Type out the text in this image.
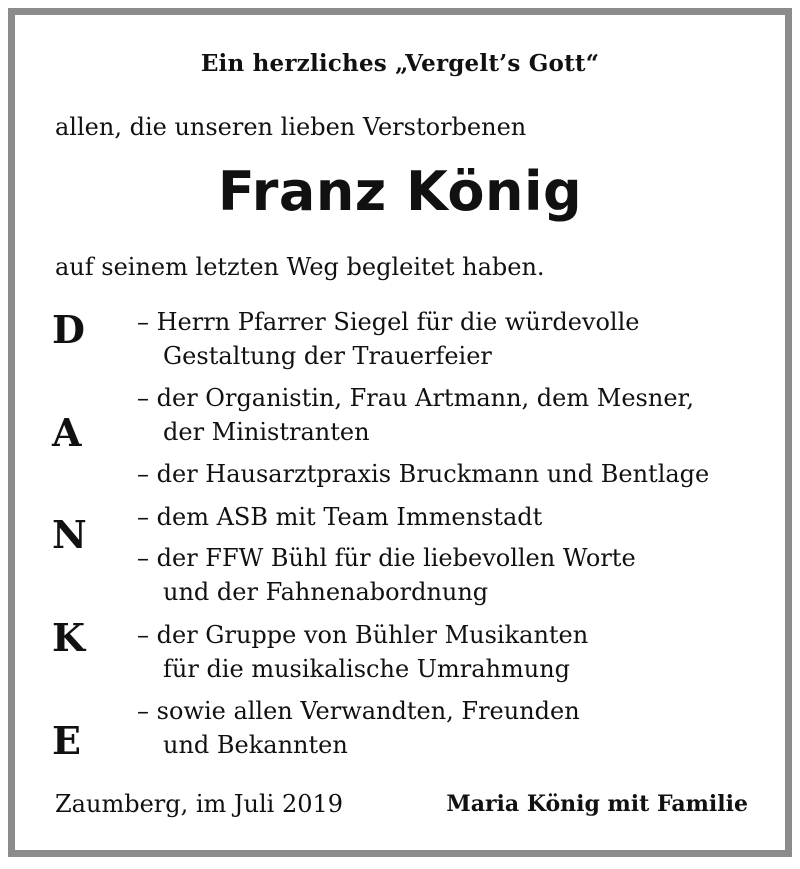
Ein herzliches „Vergelt’s Gott“
allen, die unseren lieben Verstorbenen
Franz König
auf seinem letzten Weg begleitet haben.
D
A
N
K
E
– Herrn Pfarrer Siegel für die würdevolle
Gestaltung der Trauerfeier
– der Organistin, Frau Artmann, dem Mesner,
der Ministranten
– der Hausarztpraxis Bruckmann und Bentlage
– dem ASB mit Team Immenstadt
– der FFW Bühl für die liebevollen Worte
und der Fahnenabordnung
– der Gruppe von Bühler Musikanten
für die musikalische Umrahmung
– sowie allen Verwandten, Freunden
und Bekannten
Zaumberg, im Juli 2019	Maria König mit Familie
